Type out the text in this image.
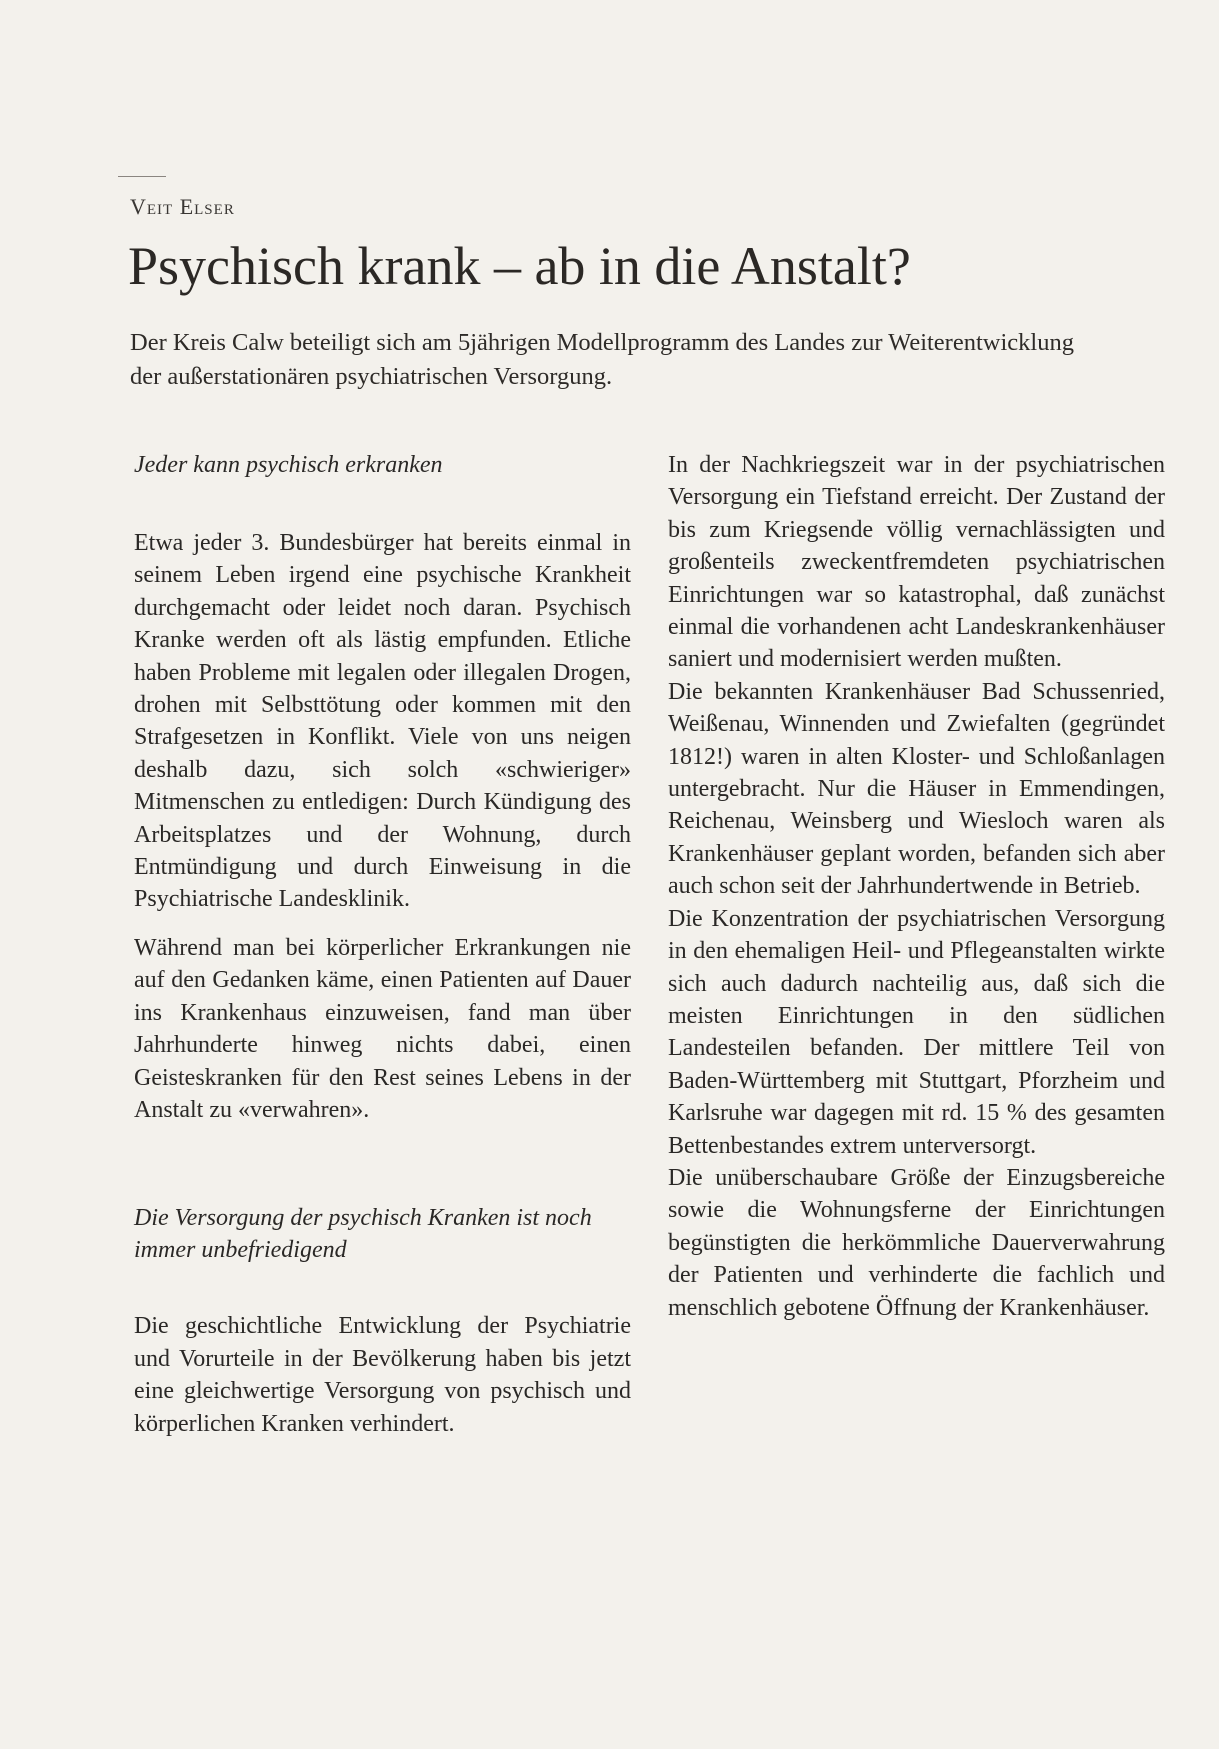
Veit Elser
Psychisch krank – ab in die Anstalt?

Der Kreis Calw beteiligt sich am 5jährigen Modellprogramm des Landes zur Weiterentwicklung der außerstationären psychiatrischen Versorgung.

Jeder kann psychisch erkranken

Etwa jeder 3. Bundesbürger hat bereits einmal in seinem Leben irgend eine psychische Krankheit durchgemacht oder leidet noch daran. Psychisch Kranke werden oft als lästig empfunden. Etliche haben Probleme mit legalen oder illegalen Drogen, drohen mit Selbsttötung oder kommen mit den Strafgesetzen in Konflikt. Viele von uns neigen deshalb dazu, sich solch «schwieriger» Mitmenschen zu entledigen: Durch Kündigung des Arbeitsplatzes und der Wohnung, durch Entmündigung und durch Einweisung in die Psychiatrische Landesklinik.

Während man bei körperlicher Erkrankungen nie auf den Gedanken käme, einen Patienten auf Dauer ins Krankenhaus einzuweisen, fand man über Jahrhunderte hinweg nichts dabei, einen Geisteskranken für den Rest seines Lebens in der Anstalt zu «verwahren».

Die Versorgung der psychisch Kranken ist noch immer unbefriedigend

Die geschichtliche Entwicklung der Psychiatrie und Vorurteile in der Bevölkerung haben bis jetzt eine gleichwertige Versorgung von psychisch und körperlichen Kranken verhindert.

In der Nachkriegszeit war in der psychiatrischen Versorgung ein Tiefstand erreicht. Der Zustand der bis zum Kriegsende völlig vernachlässigten und großenteils zweckentfremdeten psychiatrischen Einrichtungen war so katastrophal, daß zunächst einmal die vorhandenen acht Landeskrankenhäuser saniert und modernisiert werden mußten.

Die bekannten Krankenhäuser Bad Schussenried, Weißenau, Winnenden und Zwiefalten (gegründet 1812!) waren in alten Kloster- und Schloßanlagen untergebracht. Nur die Häuser in Emmendingen, Reichenau, Weinsberg und Wiesloch waren als Krankenhäuser geplant worden, befanden sich aber auch schon seit der Jahrhundertwende in Betrieb.

Die Konzentration der psychiatrischen Versorgung in den ehemaligen Heil- und Pflegeanstalten wirkte sich auch dadurch nachteilig aus, daß sich die meisten Einrichtungen in den südlichen Landesteilen befanden. Der mittlere Teil von Baden-Württemberg mit Stuttgart, Pforzheim und Karlsruhe war dagegen mit rd. 15 % des gesamten Bettenbestandes extrem unterversorgt.

Die unüberschaubare Größe der Einzugsbereiche sowie die Wohnungsferne der Einrichtungen begünstigten die herkömmliche Dauerverwahrung der Patienten und verhinderte die fachlich und menschlich gebotene Öffnung der Krankenhäuser.
